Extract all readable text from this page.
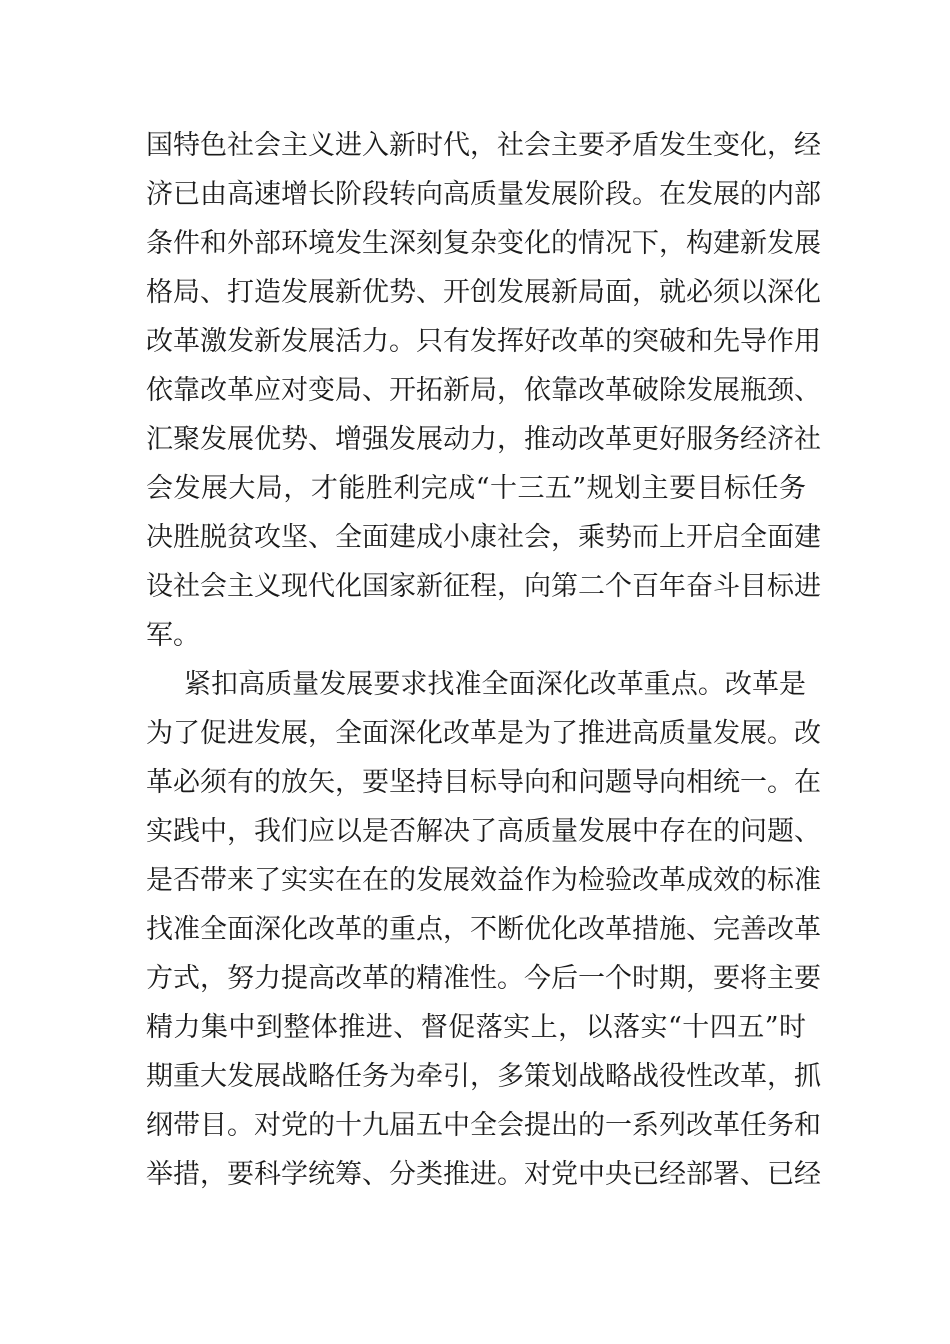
国特色社会主义进入新时代，社会主要矛盾发生变化，经
济已由高速增长阶段转向高质量发展阶段。在发展的内部
条件和外部环境发生深刻复杂变化的情况下，构建新发展
格局、打造发展新优势、开创发展新局面，就必须以深化
改革激发新发展活力。只有发挥好改革的突破和先导作用
依靠改革应对变局、开拓新局，依靠改革破除发展瓶颈、
汇聚发展优势、增强发展动力，推动改革更好服务经济社
会发展大局，才能胜利完成“十三五”规划主要目标任务
决胜脱贫攻坚、全面建成小康社会，乘势而上开启全面建
设社会主义现代化国家新征程，向第二个百年奋斗目标进
军。
紧扣高质量发展要求找准全面深化改革重点。改革是
为了促进发展，全面深化改革是为了推进高质量发展。改
革必须有的放矢，要坚持目标导向和问题导向相统一。在
实践中，我们应以是否解决了高质量发展中存在的问题、
是否带来了实实在在的发展效益作为检验改革成效的标准
找准全面深化改革的重点，不断优化改革措施、完善改革
方式，努力提高改革的精准性。今后一个时期，要将主要
精力集中到整体推进、督促落实上，以落实“十四五”时
期重大发展战略任务为牵引，多策划战略战役性改革，抓
纲带目。对党的十九届五中全会提出的一系列改革任务和
举措，要科学统筹、分类推进。对党中央已经部署、已经
